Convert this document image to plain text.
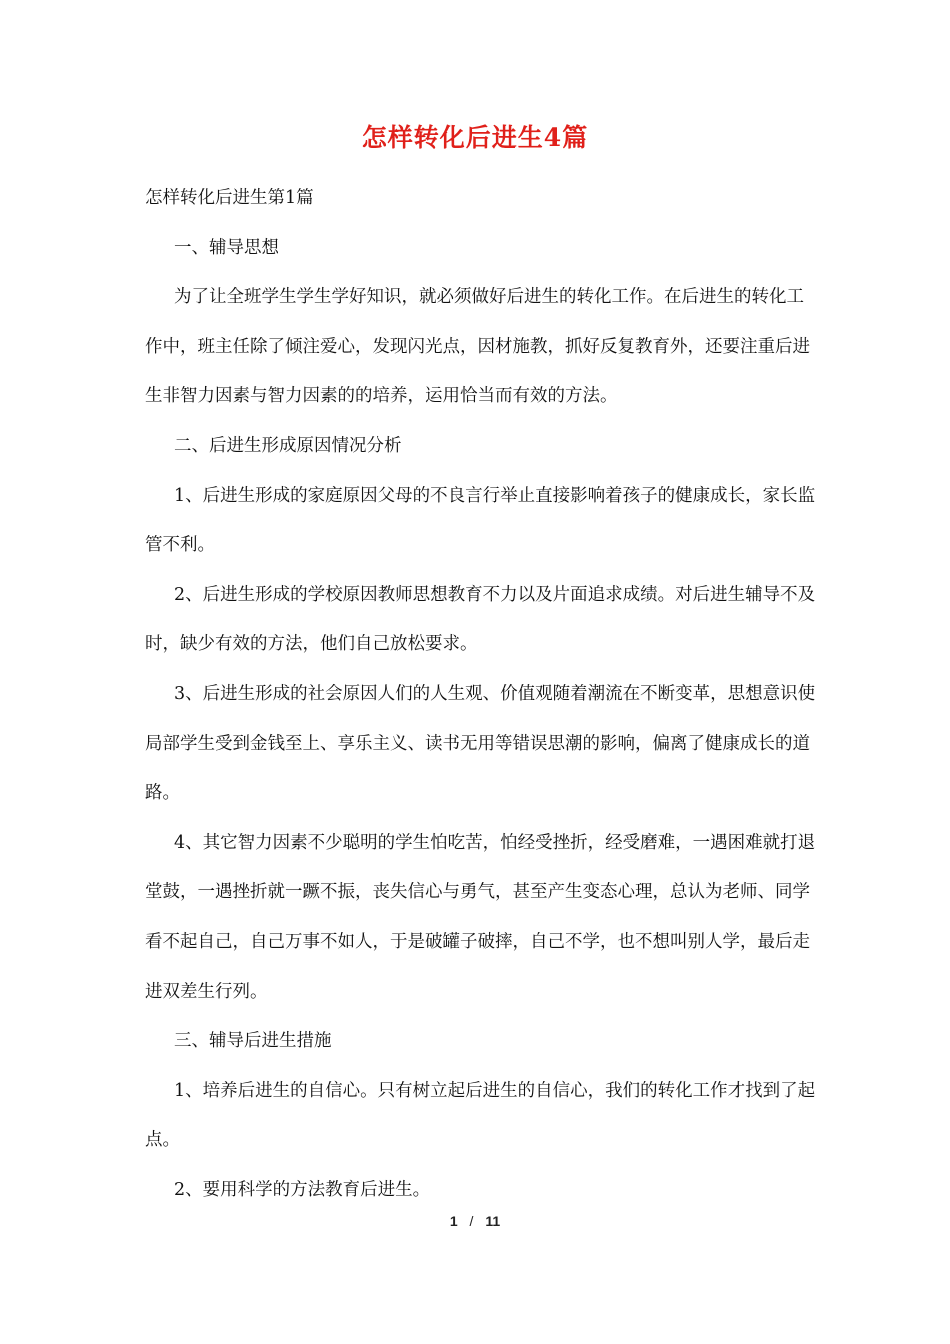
怎样转化后进生4篇

怎样转化后进生第1篇

一、辅导思想

为了让全班学生学生学好知识，就必须做好后进生的转化工作。在后进生的转化工作中，班主任除了倾注爱心，发现闪光点，因材施教，抓好反复教育外，还要注重后进生非智力因素与智力因素的的培养，运用恰当而有效的方法。

二、后进生形成原因情况分析

1、后进生形成的家庭原因父母的不良言行举止直接影响着孩子的健康成长，家长监管不利。

2、后进生形成的学校原因教师思想教育不力以及片面追求成绩。对后进生辅导不及时，缺少有效的方法，他们自己放松要求。

3、后进生形成的社会原因人们的人生观、价值观随着潮流在不断变革，思想意识使局部学生受到金钱至上、享乐主义、读书无用等错误思潮的影响，偏离了健康成长的道路。

4、其它智力因素不少聪明的学生怕吃苦，怕经受挫折，经受磨难，一遇困难就打退堂鼓，一遇挫折就一蹶不振，丧失信心与勇气，甚至产生变态心理，总认为老师、同学看不起自己，自己万事不如人，于是破罐子破摔，自己不学，也不想叫别人学，最后走进双差生行列。

三、辅导后进生措施

1、培养后进生的自信心。只有树立起后进生的自信心，我们的转化工作才找到了起点。

2、要用科学的方法教育后进生。

1 / 11
